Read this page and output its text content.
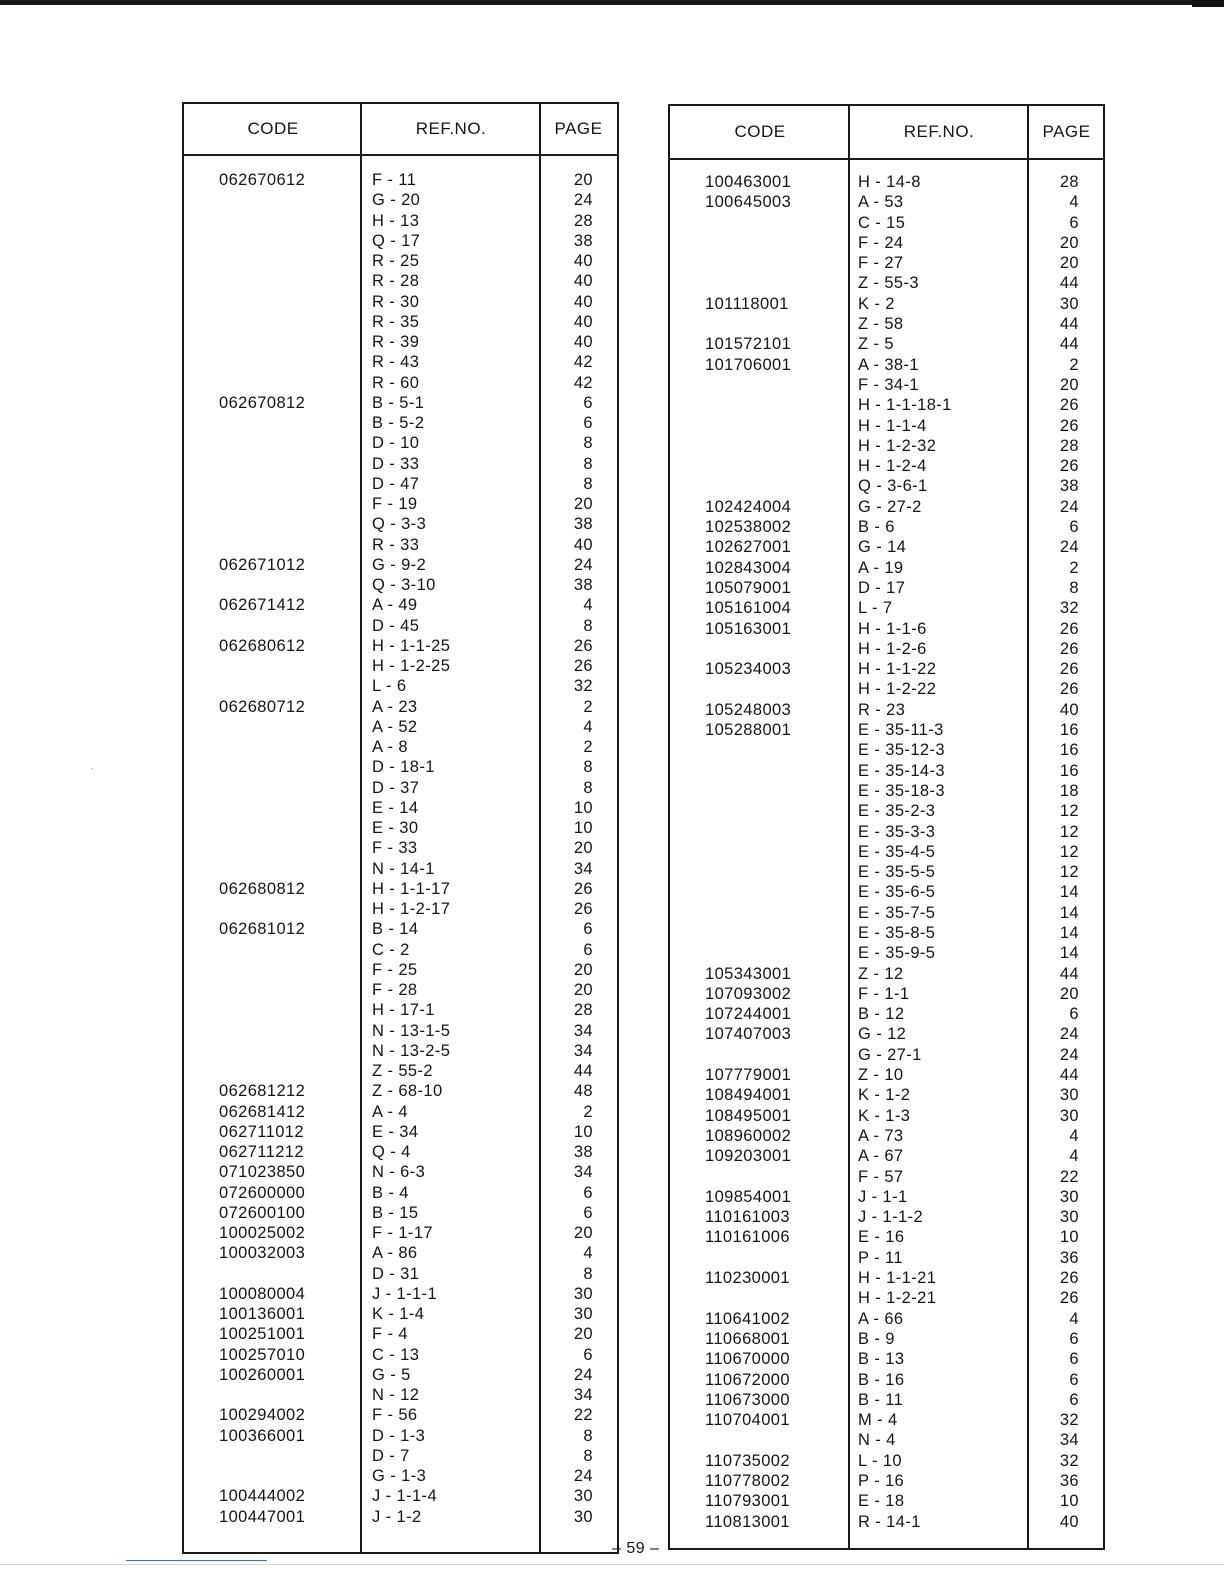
CODE	REF.NO.	PAGE
062670612	F - 11	20
G - 20	24
H - 13	28
Q - 17	38
R - 25	40
R - 28	40
R - 30	40
R - 35	40
R - 39	40
R - 43	42
R - 60	42
062670812	B - 5-1	6
B - 5-2	6
D - 10	8
D - 33	8
D - 47	8
F - 19	20
Q - 3-3	38
R - 33	40
062671012	G - 9-2	24
Q - 3-10	38
062671412	A - 49	4
D - 45	8
062680612	H - 1-1-25	26
H - 1-2-25	26
L - 6	32
062680712	A - 23	2
A - 52	4
A - 8	2
D - 18-1	8
D - 37	8
E - 14	10
E - 30	10
F - 33	20
N - 14-1	34
062680812	H - 1-1-17	26
H - 1-2-17	26
062681012	B - 14	6
C - 2	6
F - 25	20
F - 28	20
H - 17-1	28
N - 13-1-5	34
N - 13-2-5	34
Z - 55-2	44
062681212	Z - 68-10	48
062681412	A - 4	2
062711012	E - 34	10
062711212	Q - 4	38
071023850	N - 6-3	34
072600000	B - 4	6
072600100	B - 15	6
100025002	F - 1-17	20
100032003	A - 86	4
D - 31	8
100080004	J - 1-1-1	30
100136001	K - 1-4	30
100251001	F - 4	20
100257010	C - 13	6
100260001	G - 5	24
N - 12	34
100294002	F - 56	22
100366001	D - 1-3	8
D - 7	8
G - 1-3	24
100444002	J - 1-1-4	30
100447001	J - 1-2	30
CODE	REF.NO.	PAGE
100463001	H - 14-8	28
100645003	A - 53	4
C - 15	6
F - 24	20
F - 27	20
Z - 55-3	44
101118001	K - 2	30
Z - 58	44
101572101	Z - 5	44
101706001	A - 38-1	2
F - 34-1	20
H - 1-1-18-1	26
H - 1-1-4	26
H - 1-2-32	28
H - 1-2-4	26
Q - 3-6-1	38
102424004	G - 27-2	24
102538002	B - 6	6
102627001	G - 14	24
102843004	A - 19	2
105079001	D - 17	8
105161004	L - 7	32
105163001	H - 1-1-6	26
H - 1-2-6	26
105234003	H - 1-1-22	26
H - 1-2-22	26
105248003	R - 23	40
105288001	E - 35-11-3	16
E - 35-12-3	16
E - 35-14-3	16
E - 35-18-3	18
E - 35-2-3	12
E - 35-3-3	12
E - 35-4-5	12
E - 35-5-5	12
E - 35-6-5	14
E - 35-7-5	14
E - 35-8-5	14
E - 35-9-5	14
105343001	Z - 12	44
107093002	F - 1-1	20
107244001	B - 12	6
107407003	G - 12	24
G - 27-1	24
107779001	Z - 10	44
108494001	K - 1-2	30
108495001	K - 1-3	30
108960002	A - 73	4
109203001	A - 67	4
F - 57	22
109854001	J - 1-1	30
110161003	J - 1-1-2	30
110161006	E - 16	10
P - 11	36
110230001	H - 1-1-21	26
H - 1-2-21	26
110641002	A - 66	4
110668001	B - 9	6
110670000	B - 13	6
110672000	B - 16	6
110673000	B - 11	6
110704001	M - 4	32
N - 4	34
110735002	L - 10	32
110778002	P - 16	36
110793001	E - 18	10
110813001	R - 14-1	40
– 59 –
·
